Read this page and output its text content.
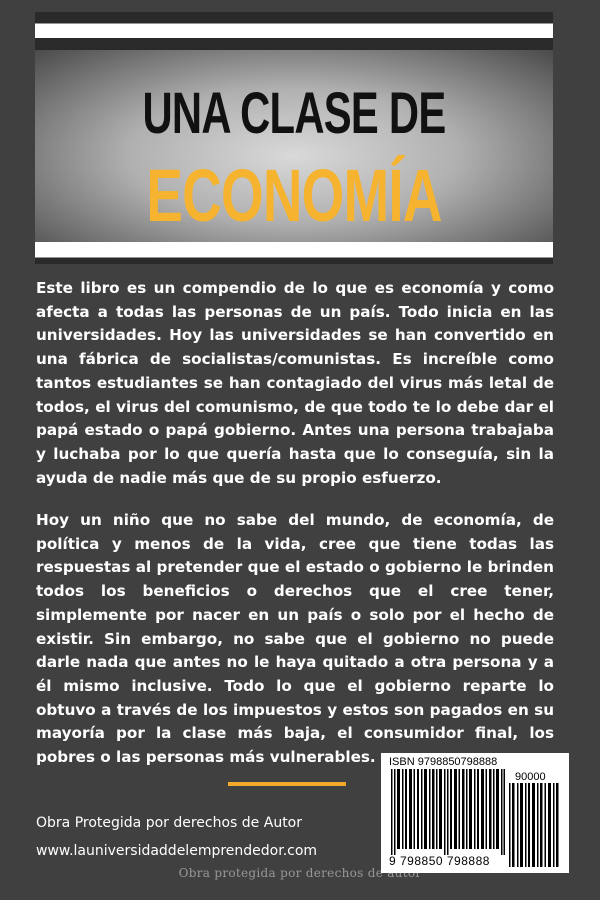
UNA CLASE DE
ECONOMÍA

Este libro es un compendio de lo que es economía y como afecta a todas las personas de un país. Todo inicia en las universidades. Hoy las universidades se han convertido en una fábrica de socialistas/comunistas. Es increíble como tantos estudiantes se han contagiado del virus más letal de todos, el virus del comunismo, de que todo te lo debe dar el papá estado o papá gobierno. Antes una persona trabajaba y luchaba por lo que quería hasta que lo conseguía, sin la ayuda de nadie más que de su propio esfuerzo.

Hoy un niño que no sabe del mundo, de economía, de política y menos de la vida, cree que tiene todas las respuestas al pretender que el estado o gobierno le brinden todos los beneficios o derechos que el cree tener, simplemente por nacer en un país o solo por el hecho de existir. Sin embargo, no sabe que el gobierno no puede darle nada que antes no le haya quitado a otra persona y a él mismo inclusive. Todo lo que el gobierno reparte lo obtuvo a través de los impuestos y estos son pagados en su mayoría por la clase más baja, el consumidor final, los pobres o las personas más vulnerables.

Obra Protegida por derechos de Autor
www.launiversidaddelemprendedor.com
ISBN 9798850798888
90000
9 798850 798888
Obra protegida por derechos de autor
